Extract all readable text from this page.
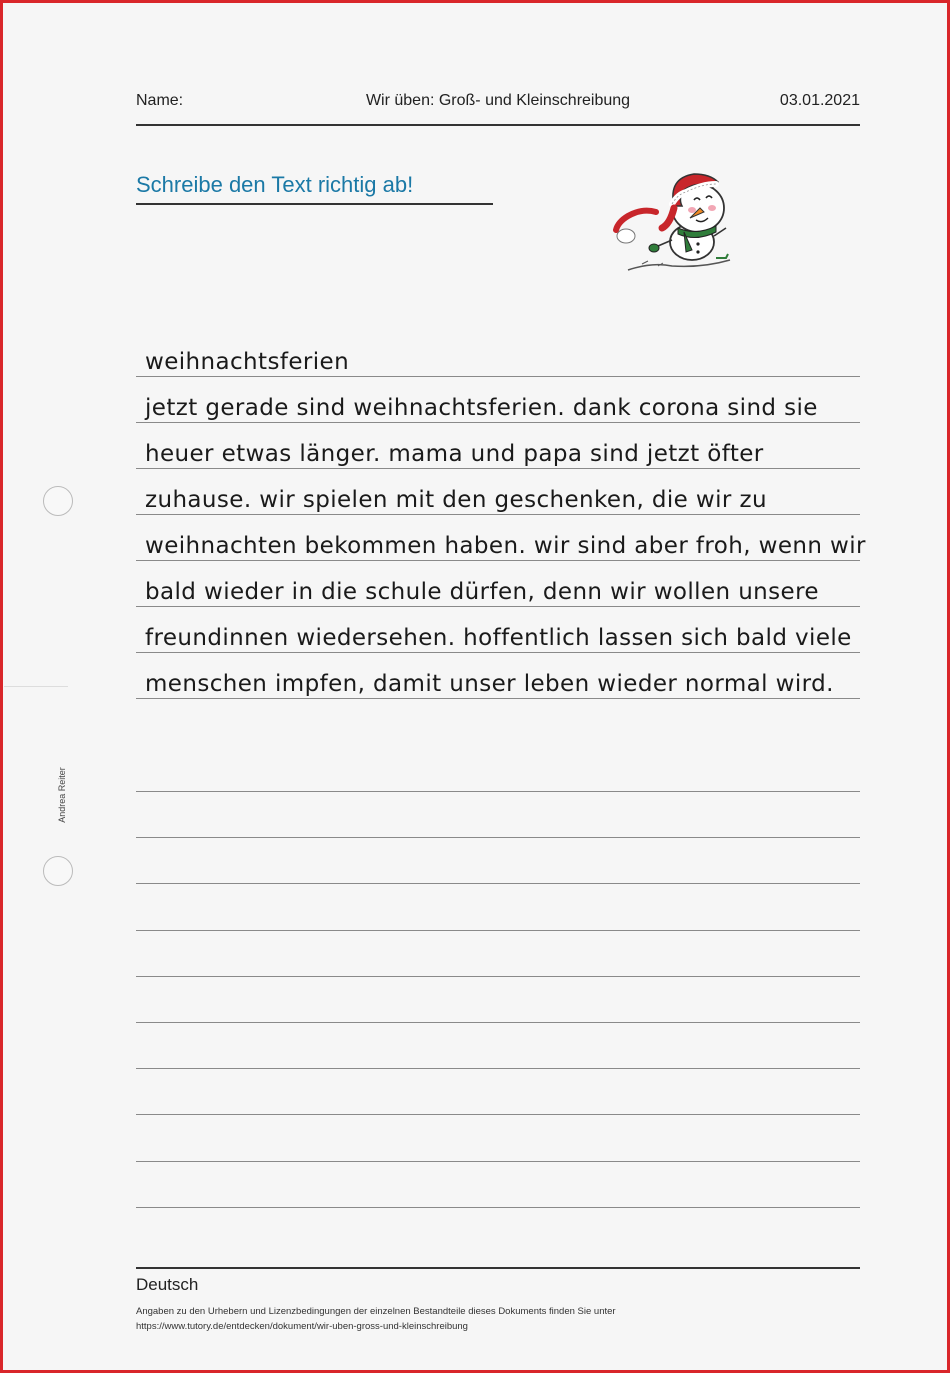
Name:	Wir üben: Groß- und Kleinschreibung	03.01.2021
Schreibe den Text richtig ab!
Andrea Reiter
weihnachtsferien
jetzt gerade sind weihnachtsferien. dank corona sind sie
heuer etwas länger. mama und papa sind jetzt öfter
zuhause. wir spielen mit den geschenken, die wir zu
weihnachten bekommen haben. wir sind aber froh, wenn wir
bald wieder in die schule dürfen, denn wir wollen unsere
freundinnen wiedersehen. hoffentlich lassen sich bald viele
menschen impfen, damit unser leben wieder normal wird.
Deutsch
Angaben zu den Urhebern und Lizenzbedingungen der einzelnen Bestandteile dieses Dokuments finden Sie unter
https://www.tutory.de/entdecken/dokument/wir-uben-gross-und-kleinschreibung
